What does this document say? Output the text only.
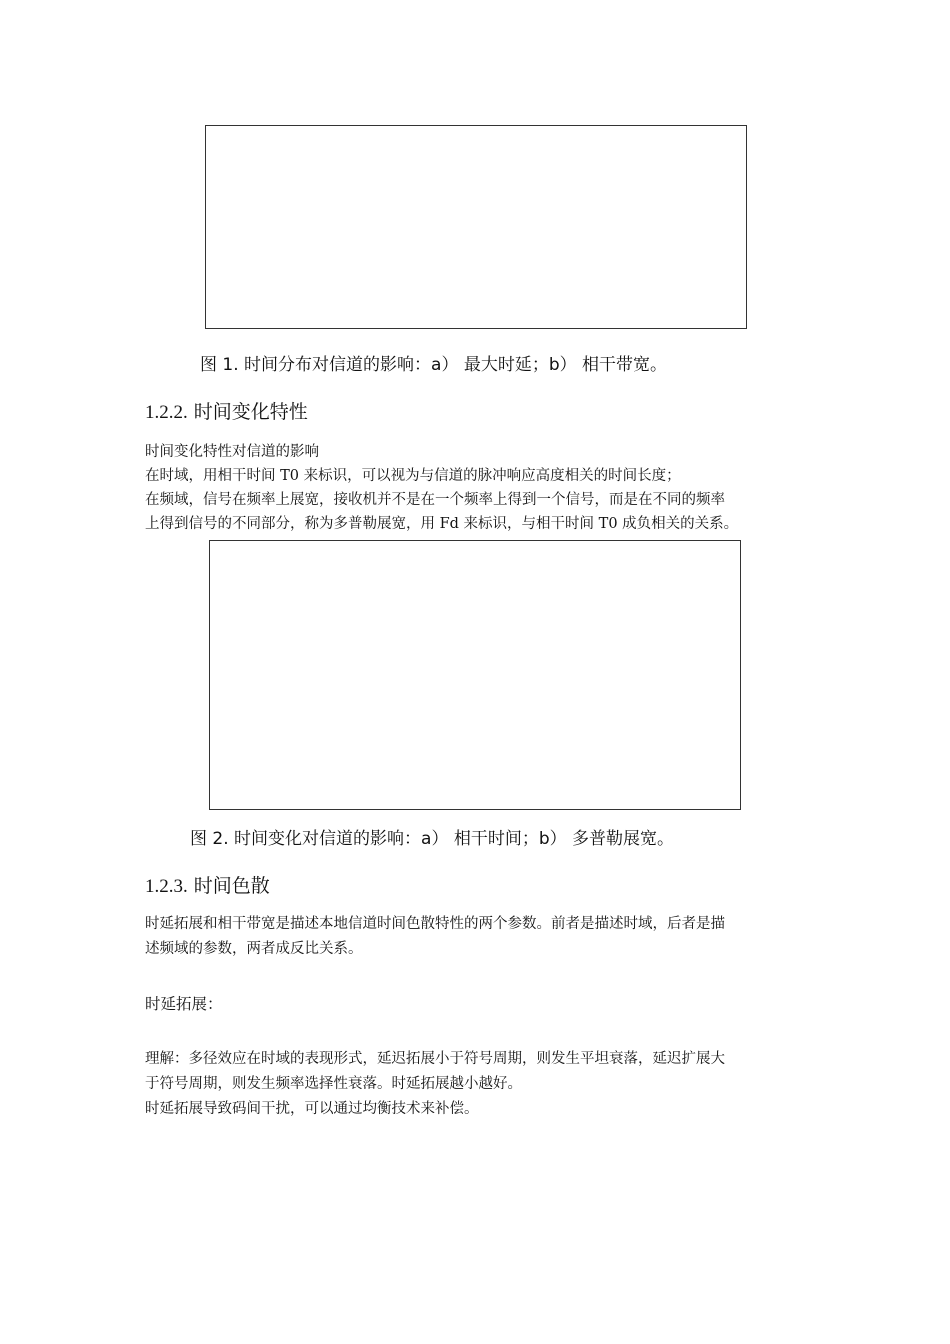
图 1. 时间分布对信道的影响：a） 最大时延；b） 相干带宽。
1.2.2. 时间变化特性
时间变化特性对信道的影响
在时域，用相干时间 T0 来标识，可以视为与信道的脉冲响应高度相关的时间长度；
在频域，信号在频率上展宽，接收机并不是在一个频率上得到一个信号，而是在不同的频率
上得到信号的不同部分，称为多普勒展宽，用 Fd 来标识，与相干时间 T0 成负相关的关系。
图 2. 时间变化对信道的影响：a） 相干时间；b） 多普勒展宽。
1.2.3. 时间色散
时延拓展和相干带宽是描述本地信道时间色散特性的两个参数。前者是描述时域，后者是描
述频域的参数，两者成反比关系。
时延拓展：
理解：多径效应在时域的表现形式，延迟拓展小于符号周期，则发生平坦衰落，延迟扩展大
于符号周期，则发生频率选择性衰落。时延拓展越小越好。
时延拓展导致码间干扰，可以通过均衡技术来补偿。
